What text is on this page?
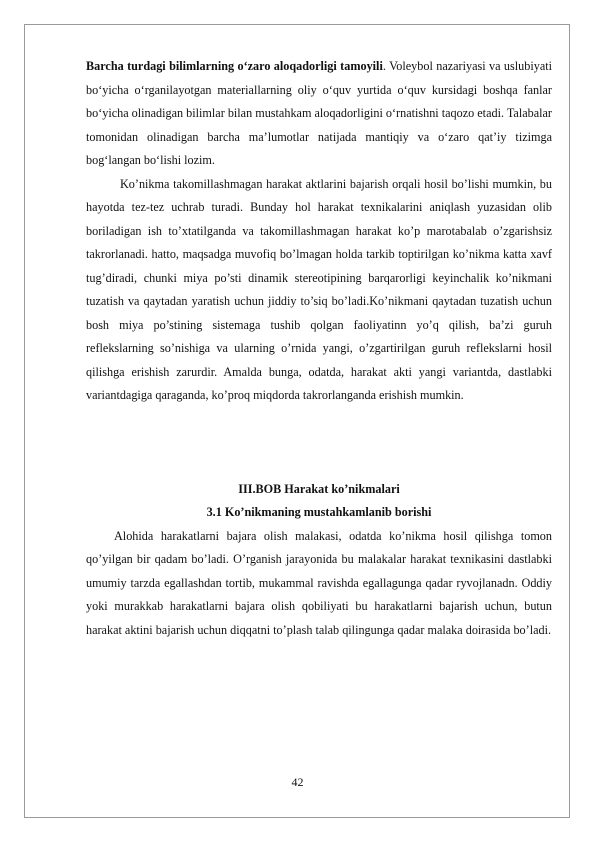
Barcha turdagi bilimlarning o‘zaro aloqadorligi tamoyili. Voleybol nazariyasi va uslubiyati bo‘yicha o‘rganilayotgan materiallarning oliy o‘quv yurtida o‘quv kursidagi boshqa fanlar bo‘yicha olinadigan bilimlar bilan mustahkam aloqadorligini o‘rnatishni taqozo etadi. Talabalar tomonidan olinadigan barcha ma’lumotlar natijada mantiqiy va o‘zaro qat’iy tizimga bog‘langan bo‘lishi lozim.

Ko’nikma takomillashmagan harakat aktlarini bajarish orqali hosil bo’lishi mumkin, bu hayotda tez-tez uchrab turadi. Bunday hol harakat texnikalarini aniqlash yuzasidan olib boriladigan ish to’xtatilganda va takomillashmagan harakat ko’p marotabalab o’zgarishsiz takrorlanadi. hatto, maqsadga muvofiq bo’lmagan holda tarkib toptirilgan ko’nikma katta xavf tug’diradi, chunki miya po’sti dinamik stereotipining barqarorligi keyinchalik ko’nikmani tuzatish va qaytadan yaratish uchun jiddiy to’siq bo’ladi.Ko’nikmani qaytadan tuzatish uchun bosh miya po’stining sistemaga tushib qolgan faoliyatinn yo’q qilish, ba’zi guruh reflekslarning so’nishiga va ularning o’rnida yangi, o’zgartirilgan guruh reflekslarni hosil qilishga erishish zarurdir. Amalda bunga, odatda, harakat akti yangi variantda, dastlabki variantdagiga qaraganda, ko’proq miqdorda takrorlanganda erishish mumkin.

III.BOB Harakat ko’nikmalari

3.1 Ko’nikmaning mustahkamlanib borishi

Alohida harakatlarni bajara olish malakasi, odatda ko’nikma hosil qilishga tomon qo’yilgan bir qadam bo’ladi. O’rganish jarayonida bu malakalar harakat texnikasini dastlabki umumiy tarzda egallashdan tortib, mukammal ravishda egallagunga qadar ryvojlanadn. Oddiy yoki murakkab harakatlarni bajara olish qobiliyati bu harakatlarni bajarish uchun, butun harakat aktini bajarish uchun diqqatni to’plash talab qilingunga qadar malaka doirasida bo’ladi.

42
